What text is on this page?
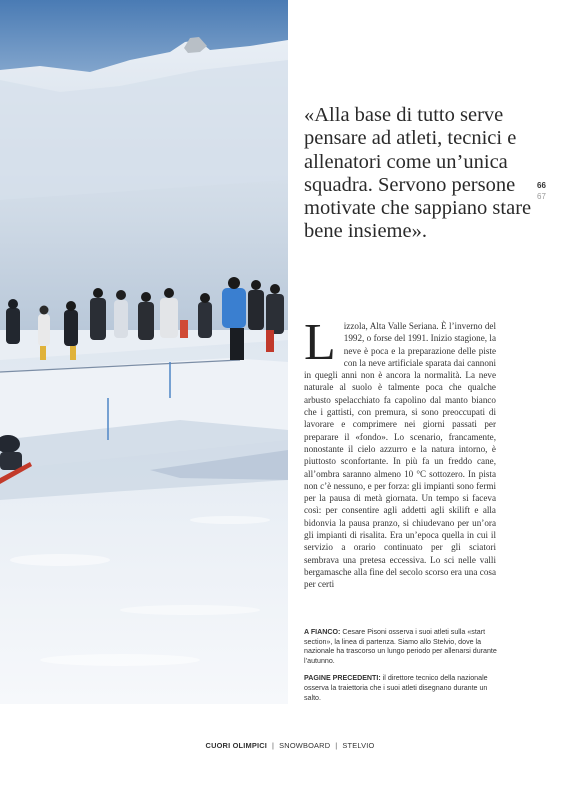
«Alla base di tutto serve pensare ad atleti, tecnici e allenatori come un’unica squadra. Servono persone motivate che sappiano stare bene insieme».
66
67
L izzola, Alta Valle Seriana. È l’inverno del 1992, o forse del 1991. Inizio stagione, la neve è poca e la preparazione delle piste con la neve artificiale sparata dai cannoni in quegli anni non è ancora la normalità. La neve naturale al suolo è talmente poca che qualche arbusto spelacchiato fa capolino dal manto bianco che i gattisti, con premura, si sono preoccupati di lavorare e comprimere nei giorni passati per preparare il «fondo». Lo scenario, francamente, nonostante il cielo azzurro e la natura intorno, è piuttosto sconfortante. In più fa un freddo cane, all’ombra saranno almeno 10 °C sottozero. In pista non c’è nessuno, e per forza: gli impianti sono fermi per la pausa di metà giornata. Un tempo si faceva così: per consentire agli addetti agli skilift e alla bidonvia la pausa pranzo, si chiudevano per un’ora gli impianti di risalita. Era un’epoca quella in cui il servizio a orario continuato per gli sciatori sembrava una pretesa eccessiva. Lo sci nelle valli bergamasche alla fine del secolo scorso era una cosa per certi

A FIANCO: Cesare Pisoni osserva i suoi atleti sulla «start section», la linea di partenza. Siamo allo Stelvio, dove la nazionale ha trascorso un lungo periodo per allenarsi durante l’autunno.
PAGINE PRECEDENTI: il direttore tecnico della nazionale osserva la traiettoria che i suoi atleti disegnano durante un salto.
CUORI OLIMPICI | SNOWBOARD | STELVIO
